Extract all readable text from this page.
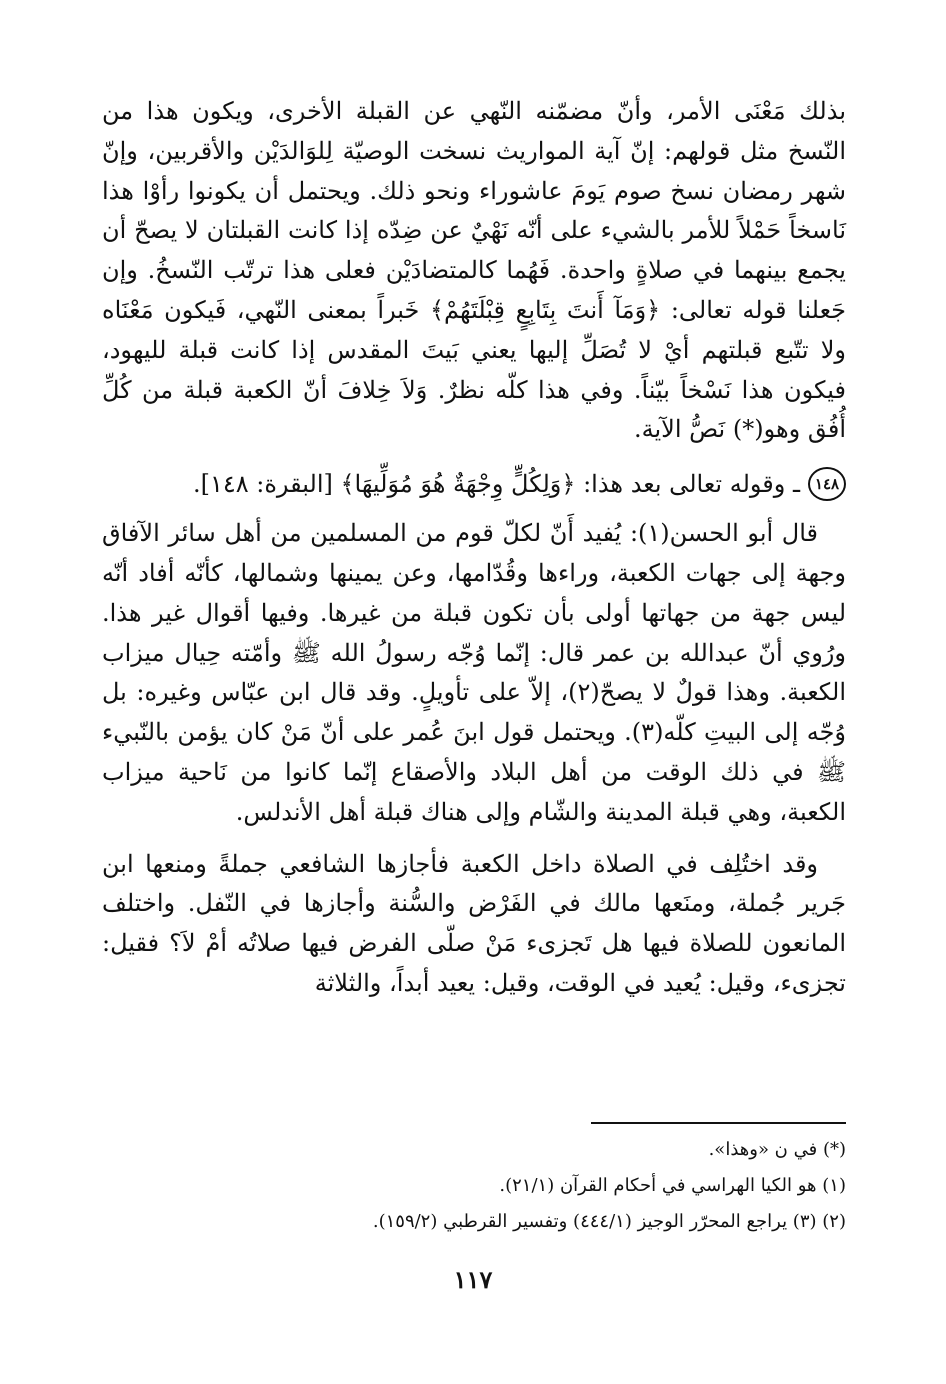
بذلك مَعْنَى الأمر، وأنّ مضمّنه النّهي عن القبلة الأخرى، ويكون هذا من النّسخ مثل قولهم: إنّ آية المواريث نسخت الوصيّة لِلوَالدَيْن والأقربين، وإنّ شهر رمضان نسخ صوم يَومَ عاشوراء ونحو ذلك. ويحتمل أن يكونوا رأوْا هذا نَاسخاً حَمْلاً للأمر بالشيء على أنّه نَهْيٌ عن ضِدّه إذا كانت القبلتان لا يصحّ أن يجمع بينهما في صلاةٍ واحدة. فَهُما كالمتضادَيْن فعلى هذا ترتّب النّسخُ. وإن جَعلنا قوله تعالى: ﴿وَمَآ أَنتَ بِتَابِعٍ قِبْلَتَهُمْ﴾ خَبراً بمعنى النّهي، فَيكون مَعْنَاه ولا تتّبع قبلتهم أيْ لا تُصَلِّ إليها يعني بَيتَ المقدس إذا كانت قبلة لليهود، فيكون هذا نَسْخاً بيّناً. وفي هذا كلّه نظرٌ. وَلاَ خِلافَ أنّ الكعبة قبلة من كُلِّ أُفُق وهو(*) نَصُّ الآية.

١٤٨
ـ وقوله تعالى بعد هذا: ﴿وَلِكُلٍّ وِجْهَةٌ هُوَ مُوَلِّيهَا﴾ [البقرة: ١٤٨].

قال أبو الحسن(١): يُفيد أَنّ لكلّ قوم من المسلمين من أهل سائر الآفاق وجهة إلى جهات الكعبة، وراءها وقُدّامها، وعن يمينها وشمالها، كأنّه أفاد أنّه ليس جهة من جهاتها أولى بأن تكون قبلة من غيرها. وفيها أقوال غير هذا. ورُوي أنّ عبدالله بن عمر قال: إنّما وُجّه رسولُ الله ﷺ وأمّته حِيال ميزاب الكعبة. وهذا قولٌ لا يصحّ(٢)، إلاّ على تأويلٍ. وقد قال ابن عبّاس وغيره: بل وُجّه إلى البيتِ كلّه(٣). ويحتمل قول ابنَ عُمر على أنّ مَنْ كان يؤمن بالنّبيء ﷺ في ذلك الوقت من أهل البلاد والأصقاع إنّما كانوا من نَاحية ميزاب الكعبة، وهي قبلة المدينة والشّام وإلى هناك قبلة أهل الأندلس.

وقد اختُلِف في الصلاة داخل الكعبة فأجازها الشافعي جملةً ومنعها ابن جَرير جُملة، ومنَعها مالك في الفَرْض والسُّنة وأجازها في النّفل. واختلف المانعون للصلاة فيها هل تَجزىء مَنْ صلّى الفرض فيها صلاتُه أمْ لاَ؟ فقيل: تجزىء، وقيل: يُعيد في الوقت، وقيل: يعيد أبداً، والثلاثة

(*) في ن «وهذا».

(١) هو الكيا الهراسي في أحكام القرآن (٢١/١).

(٢) (٣) يراجع المحرّر الوجيز (٤٤٤/١) وتفسير القرطبي (١٥٩/٢).

١١٧
